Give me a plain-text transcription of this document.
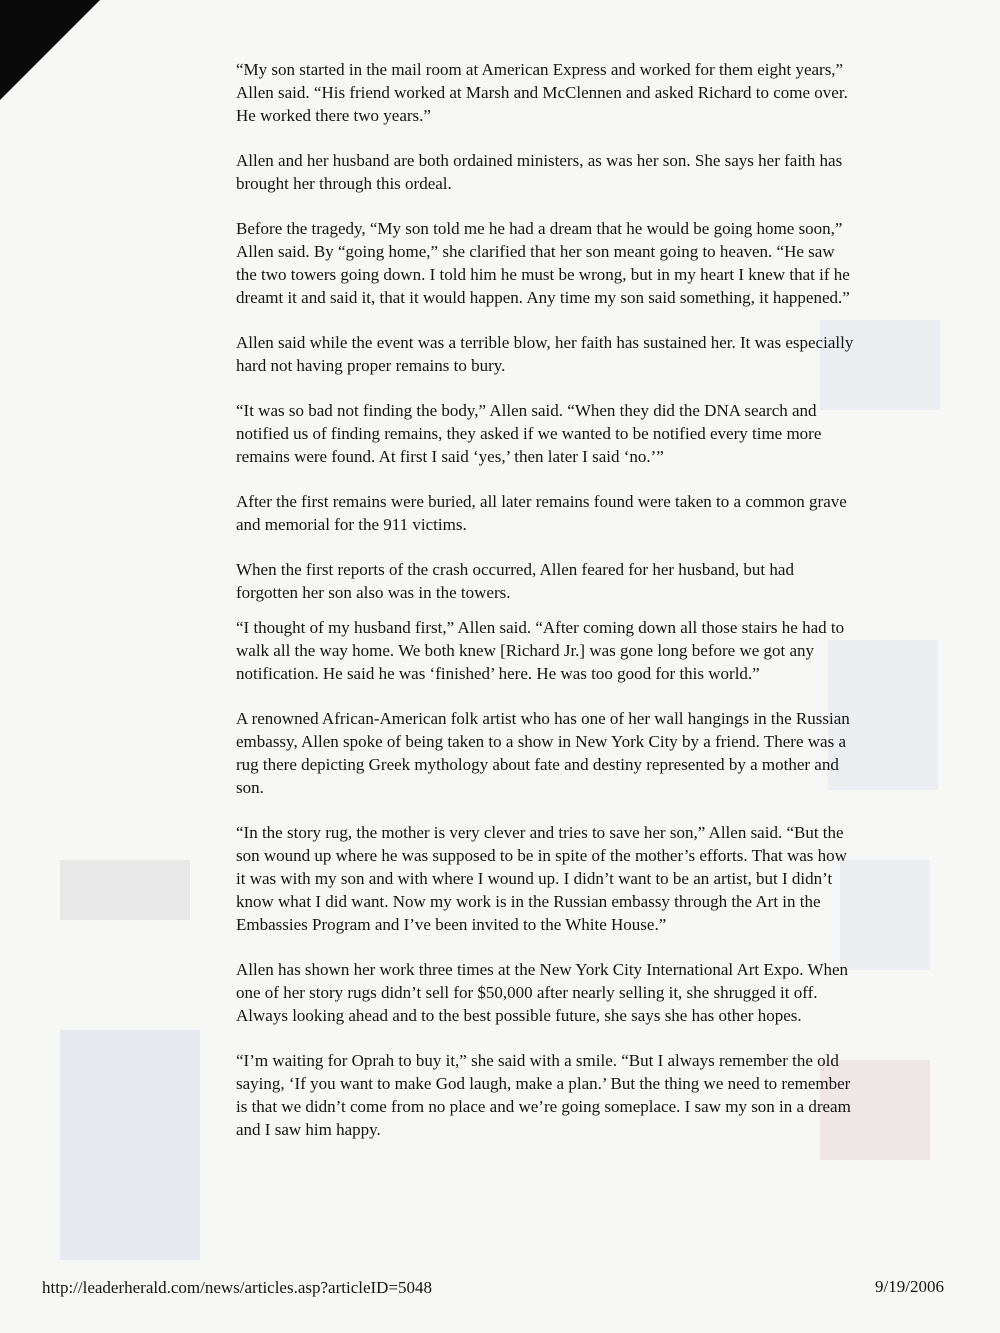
“My son started in the mail room at American Express and worked for them eight years,” Allen said. “His friend worked at Marsh and McClennen and asked Richard to come over. He worked there two years.”

Allen and her husband are both ordained ministers, as was her son. She says her faith has brought her through this ordeal.

Before the tragedy, “My son told me he had a dream that he would be going home soon,” Allen said. By “going home,” she clarified that her son meant going to heaven. “He saw the two towers going down. I told him he must be wrong, but in my heart I knew that if he dreamt it and said it, that it would happen. Any time my son said something, it happened.”

Allen said while the event was a terrible blow, her faith has sustained her. It was especially hard not having proper remains to bury.

“It was so bad not finding the body,” Allen said. “When they did the DNA search and notified us of finding remains, they asked if we wanted to be notified every time more remains were found. At first I said ‘yes,’ then later I said ‘no.’”

After the first remains were buried, all later remains found were taken to a common grave and memorial for the 911 victims.

When the first reports of the crash occurred, Allen feared for her husband, but had forgotten her son also was in the towers.

“I thought of my husband first,” Allen said. “After coming down all those stairs he had to walk all the way home. We both knew [Richard Jr.] was gone long before we got any notification. He said he was ‘finished’ here. He was too good for this world.”

A renowned African-American folk artist who has one of her wall hangings in the Russian embassy, Allen spoke of being taken to a show in New York City by a friend. There was a rug there depicting Greek mythology about fate and destiny represented by a mother and son.

“In the story rug, the mother is very clever and tries to save her son,” Allen said. “But the son wound up where he was supposed to be in spite of the mother’s efforts. That was how it was with my son and with where I wound up. I didn’t want to be an artist, but I didn’t know what I did want. Now my work is in the Russian embassy through the Art in the Embassies Program and I’ve been invited to the White House.”

Allen has shown her work three times at the New York City International Art Expo. When one of her story rugs didn’t sell for $50,000 after nearly selling it, she shrugged it off. Always looking ahead and to the best possible future, she says she has other hopes.

“I’m waiting for Oprah to buy it,” she said with a smile. “But I always remember the old saying, ‘If you want to make God laugh, make a plan.’ But the thing we need to remember is that we didn’t come from no place and we’re going someplace. I saw my son in a dream and I saw him happy.

http://leaderherald.com/news/articles.asp?articleID=5048	9/19/2006
